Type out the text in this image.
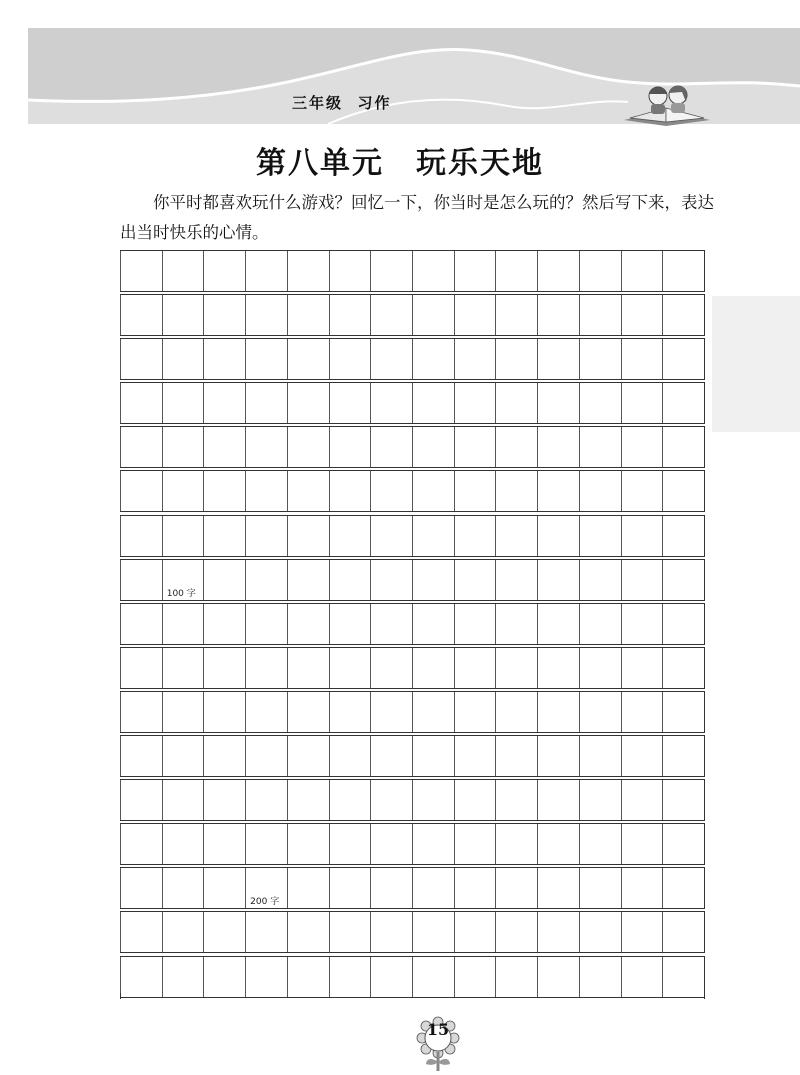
三年级  习作
第八单元　玩乐天地
你平时都喜欢玩什么游戏？回忆一下，你当时是怎么玩的？然后写下来，表达出当时快乐的心情。
100 字
200 字
15
